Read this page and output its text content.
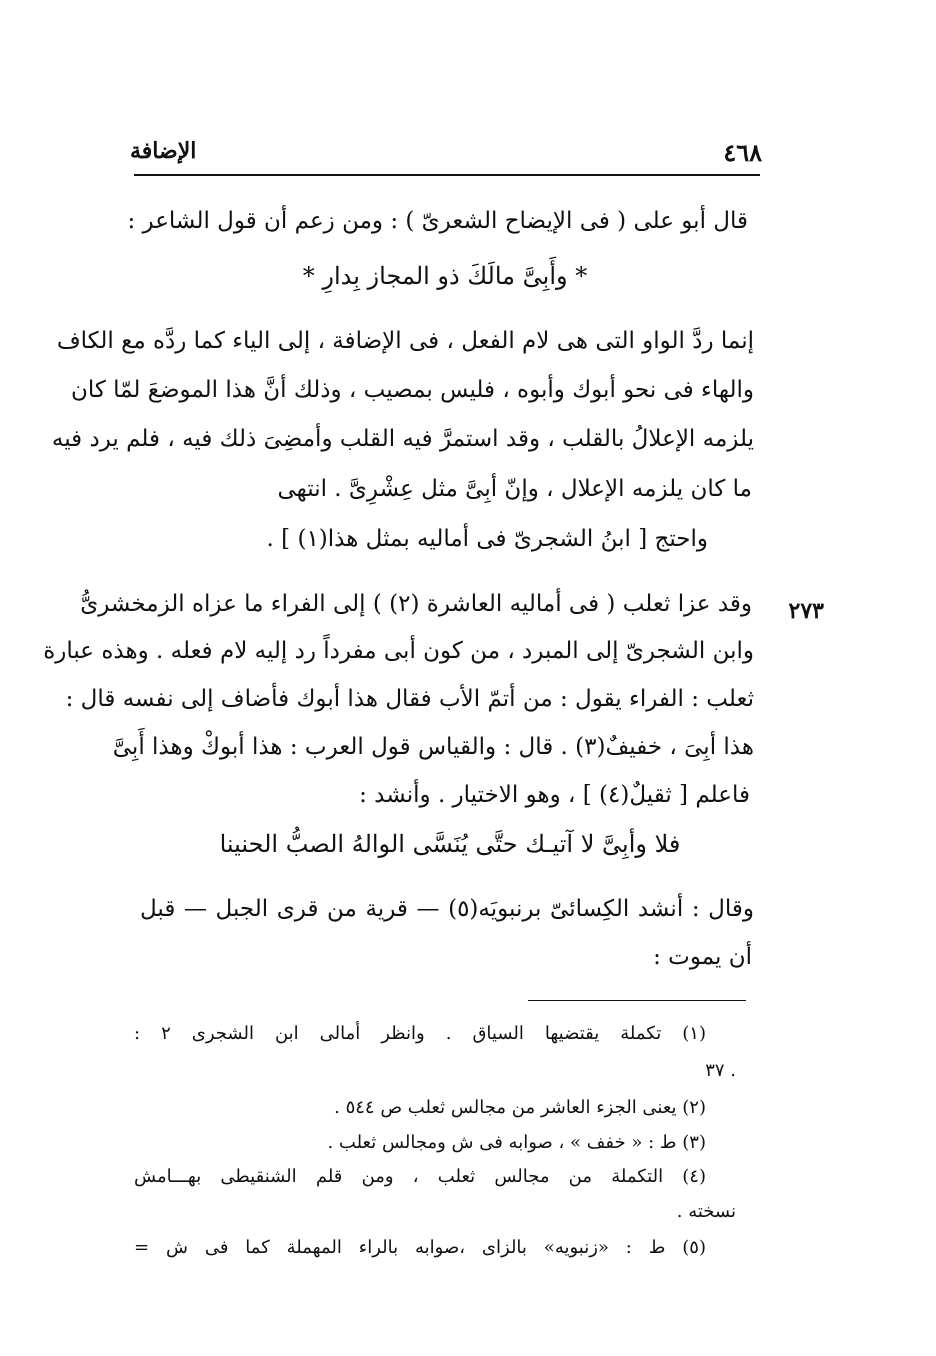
الإضافة	٤٦٨
٢٧٣
قال أبو على ( فى الإيضاح الشعرىّ ) : ومن زعم أن قول الشاعر :
* وأَبِىَّ مالَكَ ذو المجاز بِدارِ *
إنما ردَّ الواو التى هى لام الفعل ، فى الإضافة ، إلى الياء كما ردَّه مع الكاف
والهاء فى نحو أبوك وأبوه ، فليس بمصيب ، وذلك أنَّ هذا الموضعَ لمّا كان
يلزمه الإعلالُ بالقلب ، وقد استمرَّ فيه القلب وأمضِىَ ذلك فيه ، فلم يرد فيه
ما كان يلزمه الإعلال ، وإنّ أبِىَّ مثل عِشْرِىَّ . انتهى
واحتج [ ابنُ الشجرىّ فى أماليه بمثل هذا(١) ] .
وقد عزا ثعلب ( فى أماليه العاشرة (٢) ) إلى الفراء ما عزاه الزمخشرىُّ
وابن الشجرىّ إلى المبرد ، من كون أبى مفرداً رد إليه لام فعله . وهذه عبارة
ثعلب : الفراء يقول : من أتمّ الأب فقال هذا أبوك فأضاف إلى نفسه قال :
هذا أبِىَ ، خفيفٌ(٣) . قال : والقياس قول العرب : هذا أبوكْ وهذا أَبِىَّ
فاعلم [ ثقيلٌ(٤) ] ، وهو الاختيار . وأنشد :
فلا وأبِىَّ لا آتيـك حتَّى يُنَسَّى الوالهُ الصبُّ الحنينا
وقال : أنشد الكِسائىّ برنبويَه(٥) — قرية من قرى الجبل — قبل
أن يموت :
(١) تكملة يقتضيها السياق . وانظر أمالى ابن الشجرى ٢ :
. ٣٧
(٢) يعنى الجزء العاشر من مجالس ثعلب ص ٥٤٤ .
(٣) ط : « خفف » ، صوابه فى ش ومجالس ثعلب .
(٤) التكملة من مجالس ثعلب ، ومن قلم الشنقيطى بهـــامش
نسخته .
(٥) ط : «زنبويه» بالزاى ،صوابه بالراء المهملة كما فى ش =
